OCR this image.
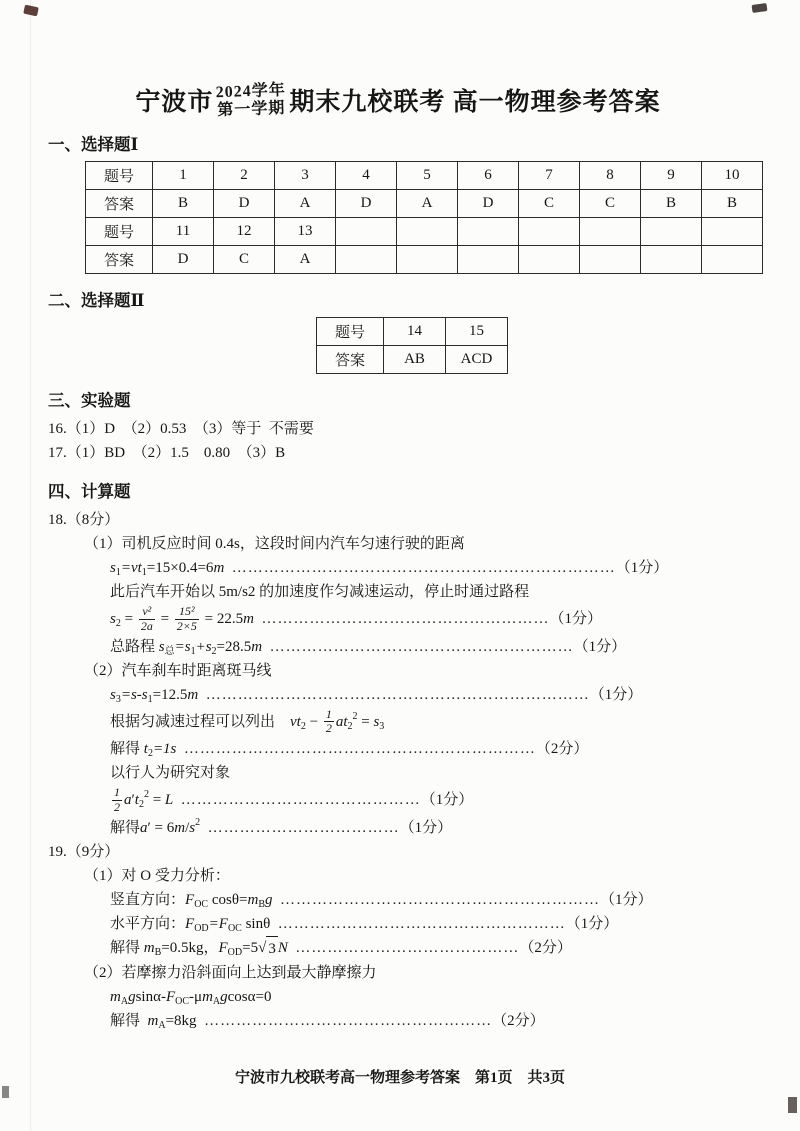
宁波市 2024学年
第一学期 期末九校联考 高一物理参考答案
一、选择题Ⅰ
题号	1	2	3	4	5	6	7	8	9	10
答案	B	D	A	D	A	D	C	C	B	B
题号	11	12	13							
答案	D	C	A							
二、选择题Ⅱ
题号	14	15
答案	AB	ACD
三、实验题
16.（1）D　（2）0.53　（3）等于  不需要
17.（1）BD　（2）1.5　0.80　（3）B
四、计算题
18.（8分）
（1）司机反应时间 0.4s，这段时间内汽车匀速行驶的距离
$s_1 =vt_1 =15\times 0.4=6$ m
……………………………………………………………… （1分）
此后汽车开始以 5m/s2 的加速度作匀减速运动，停止时通过路程
$s_2 = \frac{\text{v²}}{2a} = \frac{\text{15²}}{2\times 5} = 22.5$ m
……………………………………………… （1分）
总路程 $s_总 =s_1 +s_2 =28.5$ m
………………………………………………… （1分）
（2）汽车刹车时距离斑马线
$s_3 =s-s_1 =12.5$ m
……………………………………………………………… （1分）
根据匀减速过程可以列出　 $vt_2 - \frac{1}{2} at_2$
$^2 = s_3$
解得 $t_2 =1s$
………………………………………………………… （2分）
以行人为研究对象
$\frac{1}{2}$ a ′ $t_2$
$^2$ = L
……………………………………… （1分）
解得 a ′ = 6 m / $s^2$
……………………………… （1分）
19.（9分）
（1）对 O 受力分析：
竖直方向： $F_{OC}$ $\cos\theta= m_B$ g
…………………………………………………… （1分）
水平方向： $F_{OD} =F_{OC}$ sinθ
……………………………………………… （1分）
解得 $m_B =0.5kg$， $F_{OD} =5$ √ 3 N
…………………………………… （2分）
（2）若摩擦力沿斜面向上达到最大静摩擦力
$m_A$ g sinα- $F_{OC}$ -μ $m_A$ g cosα=0
解得 $m_A =8kg$
……………………………………………… （2分）
宁波市九校联考高一物理参考答案　第1页　共3页
